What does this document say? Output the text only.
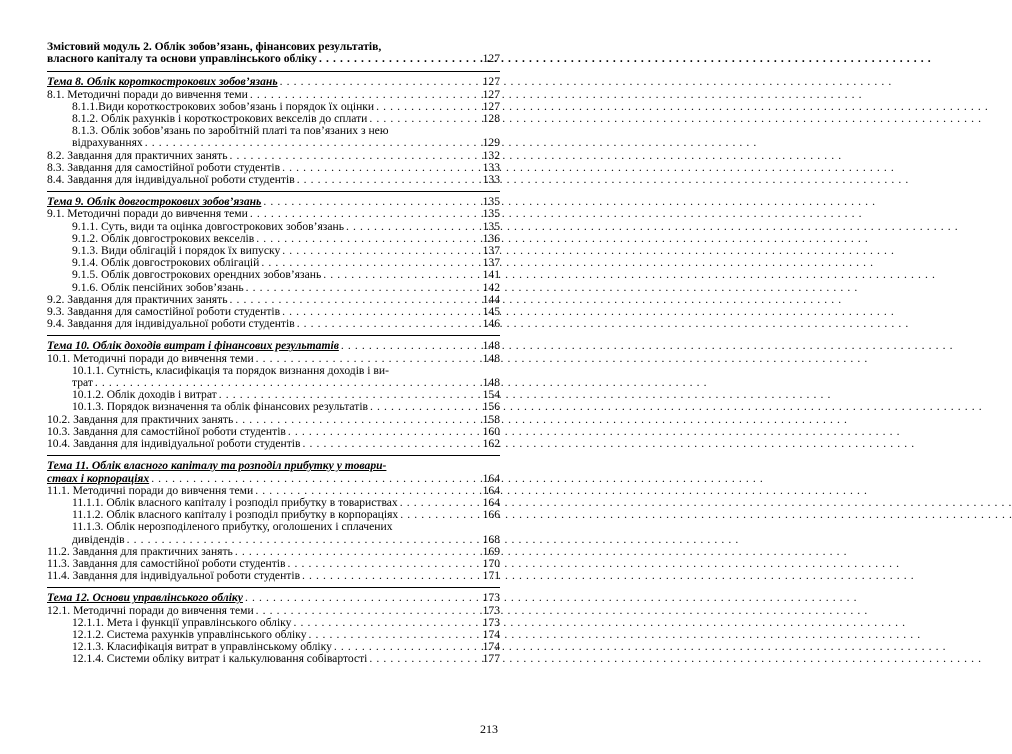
Змістовий модуль 2. Облік зобов’язань, фінансових результатів,
власного капіталу та основи управлінського обліку . . .	127
Тема 8. Облік короткострокових зобов’язань . . .	127
8.1. Методичні поради до вивчення теми . . .	127
8.1.1.Види короткострокових зобов’язань і порядок їх оцінки . . .	127
8.1.2. Облік рахунків і короткострокових векселів до сплати . . .	128
8.1.3. Облік зобов’язань по заробітній платі та пов’язаних з нею
відрахуваннях . . .	129
8.2. Завдання для практичних занять . . .	132
8.3. Завдання для самостійної роботи студентів . . .	133
8.4. Завдання для індивідуальної роботи студентів . . .	133
Тема 9. Облік довгострокових зобов’язань . . .	135
9.1. Методичні поради до вивчення теми . . .	135
9.1.1. Суть, види та оцінка довгострокових зобов’язань . . .	135
9.1.2. Облік довгострокових векселів . . .	136
9.1.3. Види облігацій і порядок їх випуску . . .	137
9.1.4. Облік довгострокових облігацій . . .	137
9.1.5. Облік довгострокових орендних зобов’язань . . .	141
9.1.6. Облік пенсійних зобов’язань . . .	142
9.2. Завдання для практичних занять . . .	144
9.3. Завдання для самостійної роботи студентів . . .	145
9.4. Завдання для індивідуальної роботи студентів . . .	146
Тема 10. Облік доходів витрат і фінансових результатів . . .	148
10.1. Методичні поради до вивчення теми . . .	148
10.1.1. Сутність, класифікація та порядок визнання доходів і ви-
трат . . .	148
10.1.2. Облік доходів і витрат . . .	154
10.1.3. Порядок визначення та облік фінансових результатів . . .	156
10.2. Завдання для практичних занять . . .	158
10.3. Завдання для самостійної роботи студентів . . .	160
10.4. Завдання для індивідуальної роботи студентів . . .	162
Тема 11. Облік власного капіталу та розподіл прибутку у товари-
ствах і корпораціях . . .	164
11.1. Методичні поради до вивчення теми . . .	164
11.1.1. Облік власного капіталу і розподіл прибутку в товариствах . . .	164
11.1.2. Облік власного капіталу і розподіл прибутку в корпораціях . . .	166
11.1.3. Облік нерозподіленого прибутку, оголошених і сплачених
дивідендів . . .	168
11.2. Завдання для практичних занять . . .	169
11.3. Завдання для самостійної роботи студентів . . .	170
11.4. Завдання для індивідуальної роботи студентів . . .	171
Тема 12. Основи управлінського обліку . . .	173
12.1. Методичні поради до вивчення теми . . .	173
12.1.1. Мета і функції управлінського обліку . . .	173
12.1.2. Система рахунків управлінського обліку . . .	174
12.1.3. Класифікація витрат в управлінському обліку . . .	174
12.1.4. Системи обліку витрат і калькулювання собівартості . . .	177
213
